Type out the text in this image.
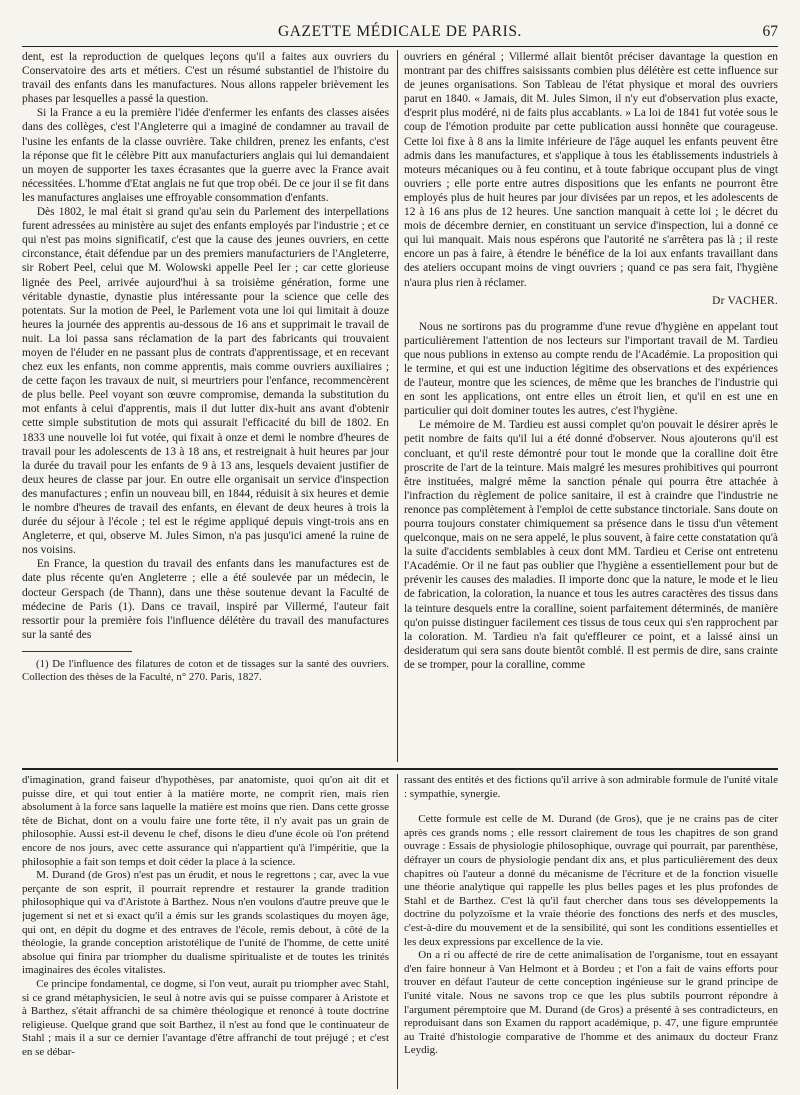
GAZETTE MÉDICALE DE PARIS.	67

dent, est la reproduction de quelques leçons qu'il a faites aux ouvriers du Conservatoire des arts et métiers. C'est un résumé substantiel de l'histoire du travail des enfants dans les manufactures. Nous allons rappeler brièvement les phases par lesquelles a passé la question.

Si la France a eu la première l'idée d'enfermer les enfants des classes aisées dans des collèges, c'est l'Angleterre qui a imaginé de condamner au travail de l'usine les enfants de la classe ouvrière. Take children, prenez les enfants, c'est la réponse que fit le célèbre Pitt aux manufacturiers anglais qui lui demandaient un moyen de supporter les taxes écrasantes que la guerre avec la France avait nécessitées. L'homme d'Etat anglais ne fut que trop obéi. De ce jour il se fit dans les manufactures anglaises une effroyable consommation d'enfants.

Dès 1802, le mal était si grand qu'au sein du Parlement des interpellations furent adressées au ministère au sujet des enfants employés par l'industrie ; et ce qui n'est pas moins significatif, c'est que la cause des jeunes ouvriers, en cette circonstance, était défendue par un des premiers manufacturiers de l'Angleterre, sir Robert Peel, celui que M. Wolowski appelle Peel Ier ; car cette glorieuse lignée des Peel, arrivée aujourd'hui à sa troisième génération, forme une véritable dynastie, dynastie plus intéressante pour la science que celle des potentats. Sur la motion de Peel, le Parlement vota une loi qui limitait à douze heures la journée des apprentis au-dessous de 16 ans et supprimait le travail de nuit. La loi passa sans réclamation de la part des fabricants qui trouvaient moyen de l'éluder en ne passant plus de contrats d'apprentissage, et en recevant chez eux les enfants, non comme apprentis, mais comme ouvriers auxiliaires ; de cette façon les travaux de nuit, si meurtriers pour l'enfance, recommencèrent de plus belle. Peel voyant son œuvre compromise, demanda la substitution du mot enfants à celui d'apprentis, mais il dut lutter dix-huit ans avant d'obtenir cette simple substitution de mots qui assurait l'efficacité du bill de 1802. En 1833 une nouvelle loi fut votée, qui fixait à onze et demi le nombre d'heures de travail pour les adolescents de 13 à 18 ans, et restreignait à huit heures par jour la durée du travail pour les enfants de 9 à 13 ans, lesquels devaient justifier de deux heures de classe par jour. En outre elle organisait un service d'inspection des manufactures ; enfin un nouveau bill, en 1844, réduisit à six heures et demie le nombre d'heures de travail des enfants, en élevant de deux heures à trois la durée du séjour à l'école ; tel est le régime appliqué depuis vingt-trois ans en Angleterre, et qui, observe M. Jules Simon, n'a pas jusqu'ici amené la ruine de nos voisins.

En France, la question du travail des enfants dans les manufactures est de date plus récente qu'en Angleterre ; elle a été soulevée par un médecin, le docteur Gerspach (de Thann), dans une thèse soutenue devant la Faculté de médecine de Paris (1). Dans ce travail, inspiré par Villermé, l'auteur fait ressortir pour la première fois l'influence délétère du travail des manufactures sur la santé des

(1) De l'influence des filatures de coton et de tissages sur la santé des ouvriers. Collection des thèses de la Faculté, n° 270. Paris, 1827.

ouvriers en général ; Villermé allait bientôt préciser davantage la question en montrant par des chiffres saisissants combien plus délétère est cette influence sur de jeunes organisations. Son Tableau de l'état physique et moral des ouvriers parut en 1840. « Jamais, dit M. Jules Simon, il n'y eut d'observation plus exacte, d'esprit plus modéré, ni de faits plus accablants. » La loi de 1841 fut votée sous le coup de l'émotion produite par cette publication aussi honnête que courageuse. Cette loi fixe à 8 ans la limite inférieure de l'âge auquel les enfants peuvent être admis dans les manufactures, et s'applique à tous les établissements industriels à moteurs mécaniques ou à feu continu, et à toute fabrique occupant plus de vingt ouvriers ; elle porte entre autres dispositions que les enfants ne pourront être employés plus de huit heures par jour divisées par un repos, et les adolescents de 12 à 16 ans plus de 12 heures. Une sanction manquait à cette loi ; le décret du mois de décembre dernier, en constituant un service d'inspection, lui a donné ce qui lui manquait. Mais nous espérons que l'autorité ne s'arrêtera pas là ; il reste encore un pas à faire, à étendre le bénéfice de la loi aux enfants travaillant dans des ateliers occupant moins de vingt ouvriers ; quand ce pas sera fait, l'hygiène n'aura plus rien à réclamer.

Dr VACHER.

Nous ne sortirons pas du programme d'une revue d'hygiène en appelant tout particulièrement l'attention de nos lecteurs sur l'important travail de M. Tardieu que nous publions in extenso au compte rendu de l'Académie. La proposition qui le termine, et qui est une induction légitime des observations et des expériences de l'auteur, montre que les sciences, de même que les branches de l'industrie qui en sont les applications, ont entre elles un étroit lien, et qu'il en est une en particulier qui doit dominer toutes les autres, c'est l'hygiène.

Le mémoire de M. Tardieu est aussi complet qu'on pouvait le désirer après le petit nombre de faits qu'il lui a été donné d'observer. Nous ajouterons qu'il est concluant, et qu'il reste démontré pour tout le monde que la coralline doit être proscrite de l'art de la teinture. Mais malgré les mesures prohibitives qui pourront être instituées, malgré même la sanction pénale qui pourra être attachée à l'infraction du règlement de police sanitaire, il est à craindre que l'industrie ne renonce pas complètement à l'emploi de cette substance tinctoriale. Sans doute on pourra toujours constater chimiquement sa présence dans le tissu d'un vêtement quelconque, mais on ne sera appelé, le plus souvent, à faire cette constatation qu'à la suite d'accidents semblables à ceux dont MM. Tardieu et Cerise ont entretenu l'Académie. Or il ne faut pas oublier que l'hygiène a essentiellement pour but de prévenir les causes des maladies. Il importe donc que la nature, le mode et le lieu de fabrication, la coloration, la nuance et tous les autres caractères des tissus dans la teinture desquels entre la coralline, soient parfaitement déterminés, de manière qu'on puisse distinguer facilement ces tissus de tous ceux qui s'en rapprochent par la coloration. M. Tardieu n'a fait qu'effleurer ce point, et a laissé ainsi un desideratum qui sera sans doute bientôt comblé. Il est permis de dire, sans crainte de se tromper, pour la coralline, comme

d'imagination, grand faiseur d'hypothèses, par anatomiste, quoi qu'on ait dit et puisse dire, et qui tout entier à la matière morte, ne comprit rien, mais rien absolument à la force sans laquelle la matière est moins que rien. Dans cette grosse tête de Bichat, dont on a voulu faire une forte tête, il n'y avait pas un grain de philosophie. Aussi est-il devenu le chef, disons le dieu d'une école où l'on prétend encore de nos jours, avec cette assurance qui n'appartient qu'à l'impéritie, que la philosophie a fait son temps et doit céder la place à la science.

M. Durand (de Gros) n'est pas un érudit, et nous le regrettons ; car, avec la vue perçante de son esprit, il pourrait reprendre et restaurer la grande tradition philosophique qui va d'Aristote à Barthez. Nous n'en voulons d'autre preuve que le jugement si net et si exact qu'il a émis sur les grands scolastiques du moyen âge, qui ont, en dépit du dogme et des entraves de l'école, remis debout, à côté de la théologie, la grande conception aristotélique de l'unité de l'homme, de cette unité absolue qui finira par triompher du dualisme spiritualiste et de toutes les trinités imaginaires des écoles vitalistes.

Ce principe fondamental, ce dogme, si l'on veut, aurait pu triompher avec Stahl, si ce grand métaphysicien, le seul à notre avis qui se puisse comparer à Aristote et à Barthez, s'était affranchi de sa chimère théologique et renoncé à toute doctrine religieuse. Quelque grand que soit Barthez, il n'est au fond que le continuateur de Stahl ; mais il a sur ce dernier l'avantage d'être affranchi de tout préjugé ; et c'est en se débar-

rassant des entités et des fictions qu'il arrive à son admirable formule de l'unité vitale : sympathie, synergie.

Cette formule est celle de M. Durand (de Gros), que je ne crains pas de citer après ces grands noms ; elle ressort clairement de tous les chapitres de son grand ouvrage : Essais de physiologie philosophique, ouvrage qui pourrait, par parenthèse, défrayer un cours de physiologie pendant dix ans, et plus particulièrement des deux chapitres où l'auteur a donné du mécanisme de l'écriture et de la fonction visuelle une théorie analytique qui rappelle les plus belles pages et les plus profondes de Stahl et de Barthez. C'est là qu'il faut chercher dans tous ses développements la doctrine du polyzoïsme et la vraie théorie des fonctions des nerfs et des muscles, c'est-à-dire du mouvement et de la sensibilité, qui sont les conditions essentielles et les deux expressions par excellence de la vie.

On a ri ou affecté de rire de cette animalisation de l'organisme, tout en essayant d'en faire honneur à Van Helmont et à Bordeu ; et l'on a fait de vains efforts pour trouver en défaut l'auteur de cette conception ingénieuse sur le grand principe de l'unité vitale. Nous ne savons trop ce que les plus subtils pourront répondre à l'argument péremptoire que M. Durand (de Gros) a présenté à ses contradicteurs, en reproduisant dans son Examen du rapport académique, p. 47, une figure empruntée au Traité d'histologie comparative de l'homme et des animaux du docteur Franz Leydig.
